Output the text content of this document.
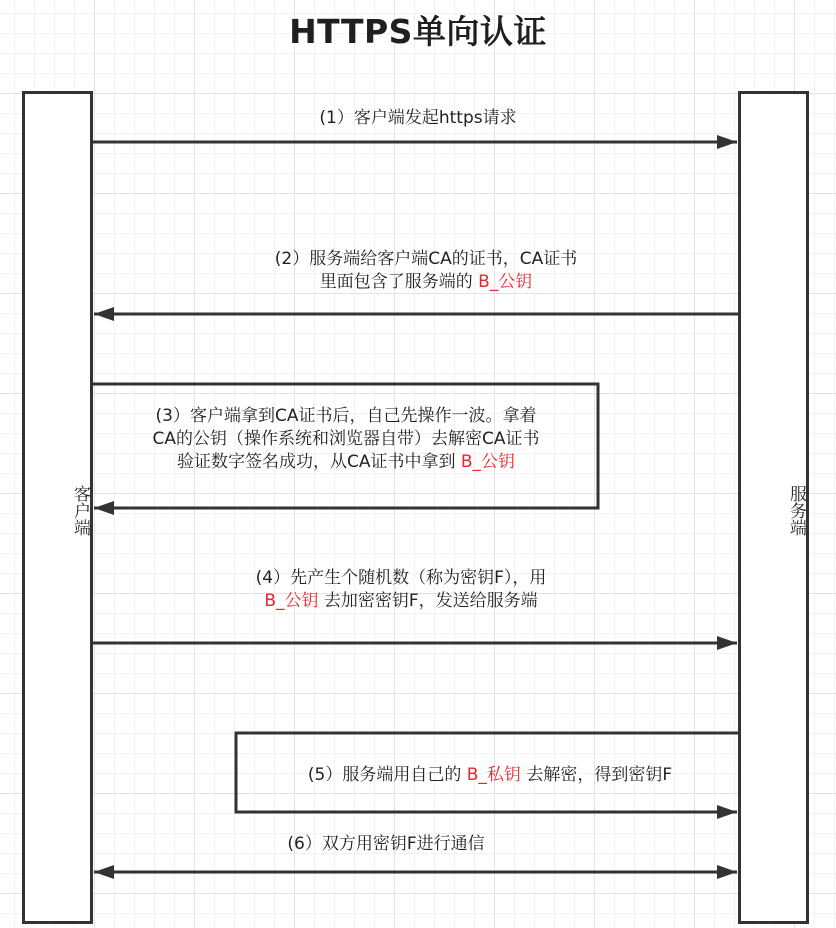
HTTPS单向认证
客户端	服务端
(1）客户端发起https请求
(2）服务端给客户端CA的证书，CA证书
里面包含了服务端的 B_公钥
(3）客户端拿到CA证书后，自己先操作一波。拿着
CA的公钥（操作系统和浏览器自带）去解密CA证书
验证数字签名成功，从CA证书中拿到 B_公钥
(4）先产生个随机数（称为密钥F），用
B_公钥 去加密密钥F，发送给服务端
(5）服务端用自己的 B_私钥 去解密，得到密钥F
(6）双方用密钥F进行通信
